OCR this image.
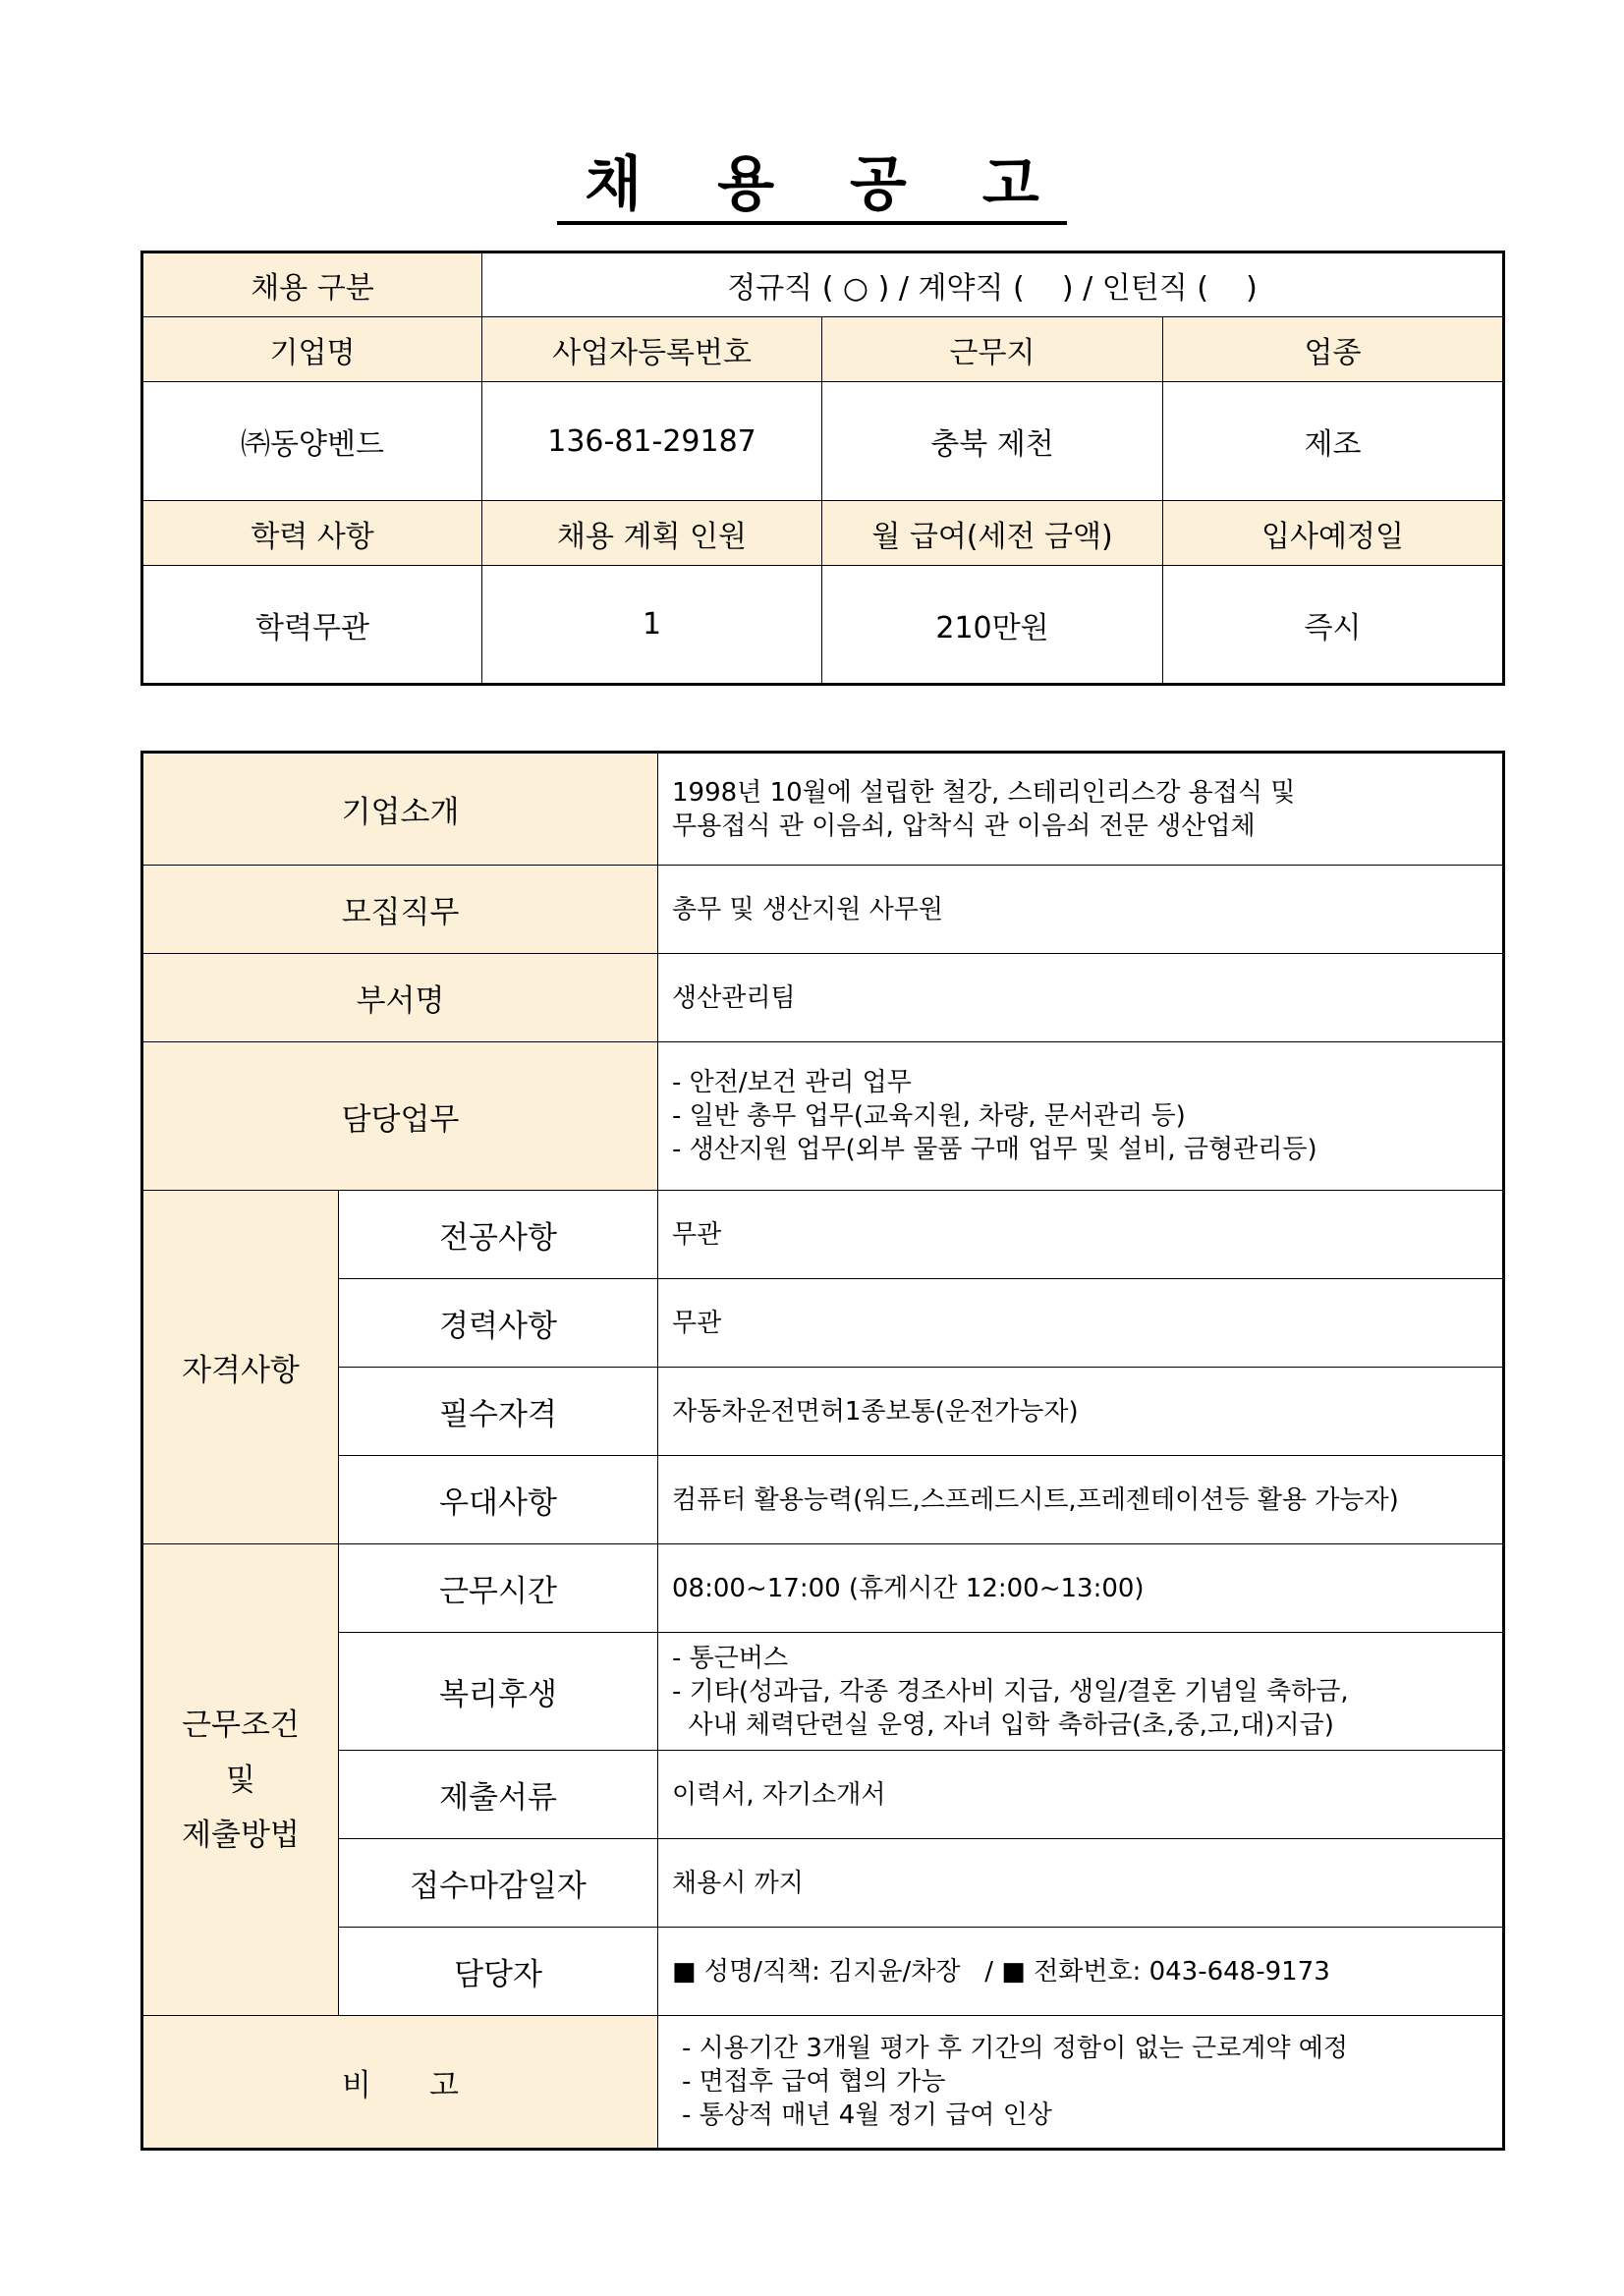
채 용 공 고
채용 구분	정규직 ( ○ ) / 계약직 (    ) / 인턴직 (    )		
기업명	사업자등록번호	근무지	업종
㈜동양벤드	136-81-29187	충북 제천	제조
학력 사항	채용 계획 인원	월 급여(세전 금액)	입사예정일
학력무관	1	210만원	즉시
기업소개		1998년 10월에 설립한 철강, 스테리인리스강 용접식 및
무용접식 관 이음쇠, 압착식 관 이음쇠 전문 생산업체

모집직무		총무 및 생산지원 사무원
부서명		생산관리팀
담당업무		- 안전/보건 관리 업무
- 일반 총무 업무(교육지원, 차량, 문서관리 등)
- 생산지원 업무(외부 물품 구매 업무 및 설비, 금형관리등)

자격사항	전공사항	무관
	경력사항	무관
	필수자격	자동차운전면허1종보통(운전가능자)
	우대사항	컴퓨터 활용능력(워드,스프레드시트,프레젠테이션등 활용 가능자)

근무조건
및
제출방법	근무시간	08:00~17:00 (휴게시간 12:00~13:00)
	복리후생	- 통근버스
- 기타(성과급, 각종 경조사비 지급, 생일/결혼 기념일 축하금,
사내 체력단련실 운영, 자녀 입학 축하금(초,중,고,대)지급)

	제출서류	이력서, 자기소개서
	접수마감일자	채용시 까지
	담당자	■ 성명/직책: 김지윤/차장   / ■ 전화번호: 043-648-9173
비      고		- 시용기간 3개월 평가 후 기간의 정함이 없는 근로계약 예정
- 면접후 급여 협의 가능
- 통상적 매년 4월 정기 급여 인상
